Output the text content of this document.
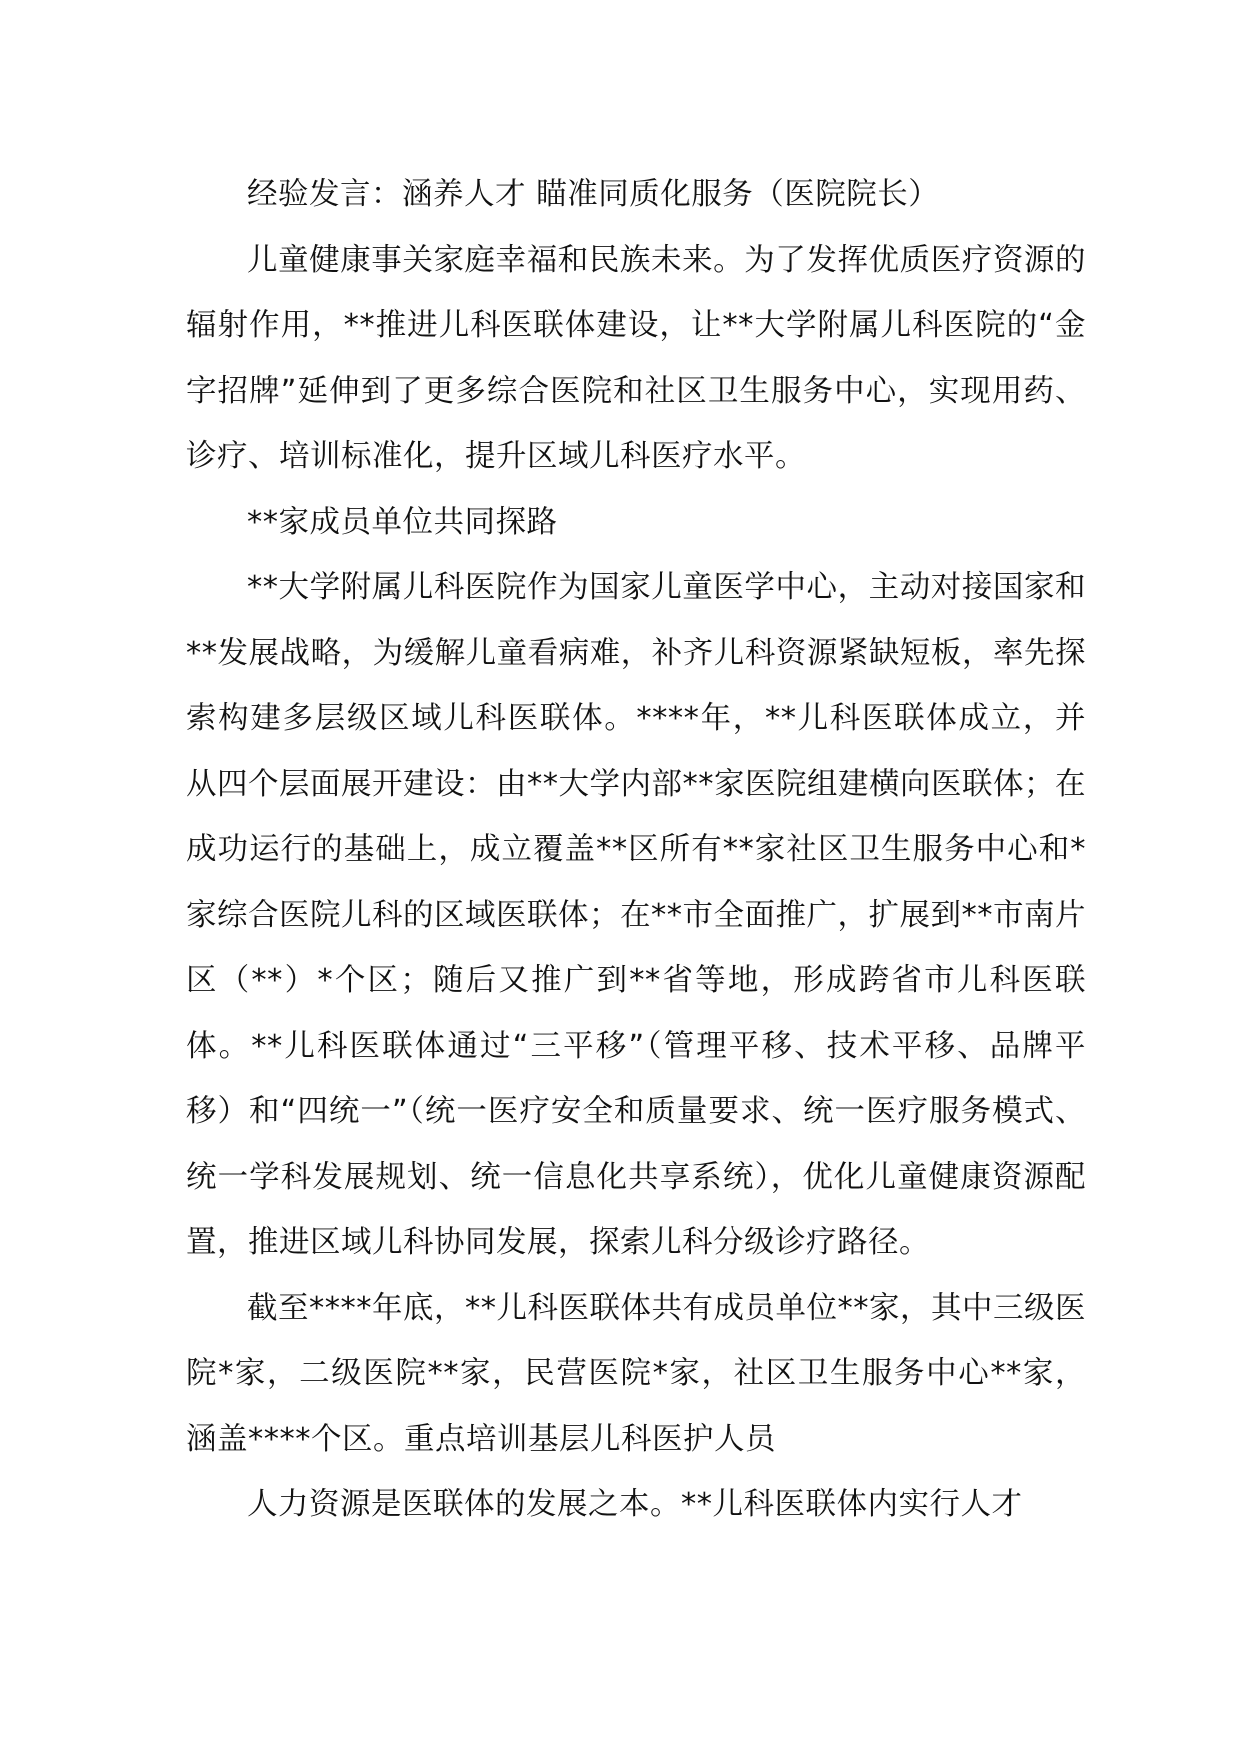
经验发言：涵养人才 瞄准同质化服务（医院院长）

儿童健康事关家庭幸福和民族未来。为了发挥优质医疗资源的辐射作用，**推进儿科医联体建设，让**大学附属儿科医院的“金字招牌”延伸到了更多综合医院和社区卫生服务中心，实现用药、诊疗、培训标准化，提升区域儿科医疗水平。

**家成员单位共同探路

**大学附属儿科医院作为国家儿童医学中心，主动对接国家和**发展战略，为缓解儿童看病难，补齐儿科资源紧缺短板，率先探索构建多层级区域儿科医联体。****年，**儿科医联体成立，并从四个层面展开建设：由**大学内部**家医院组建横向医联体；在成功运行的基础上，成立覆盖**区所有**家社区卫生服务中心和*家综合医院儿科的区域医联体；在**市全面推广，扩展到**市南片区（**）*个区；随后又推广到**省等地，形成跨省市儿科医联体。**儿科医联体通过“三平移”（管理平移、技术平移、品牌平移）和“四统一”（统一医疗安全和质量要求、统一医疗服务模式、统一学科发展规划、统一信息化共享系统），优化儿童健康资源配置，推进区域儿科协同发展，探索儿科分级诊疗路径。

截至****年底，**儿科医联体共有成员单位**家，其中三级医院*家，二级医院**家，民营医院*家，社区卫生服务中心**家，涵盖****个区。重点培训基层儿科医护人员

人力资源是医联体的发展之本。**儿科医联体内实行人才
